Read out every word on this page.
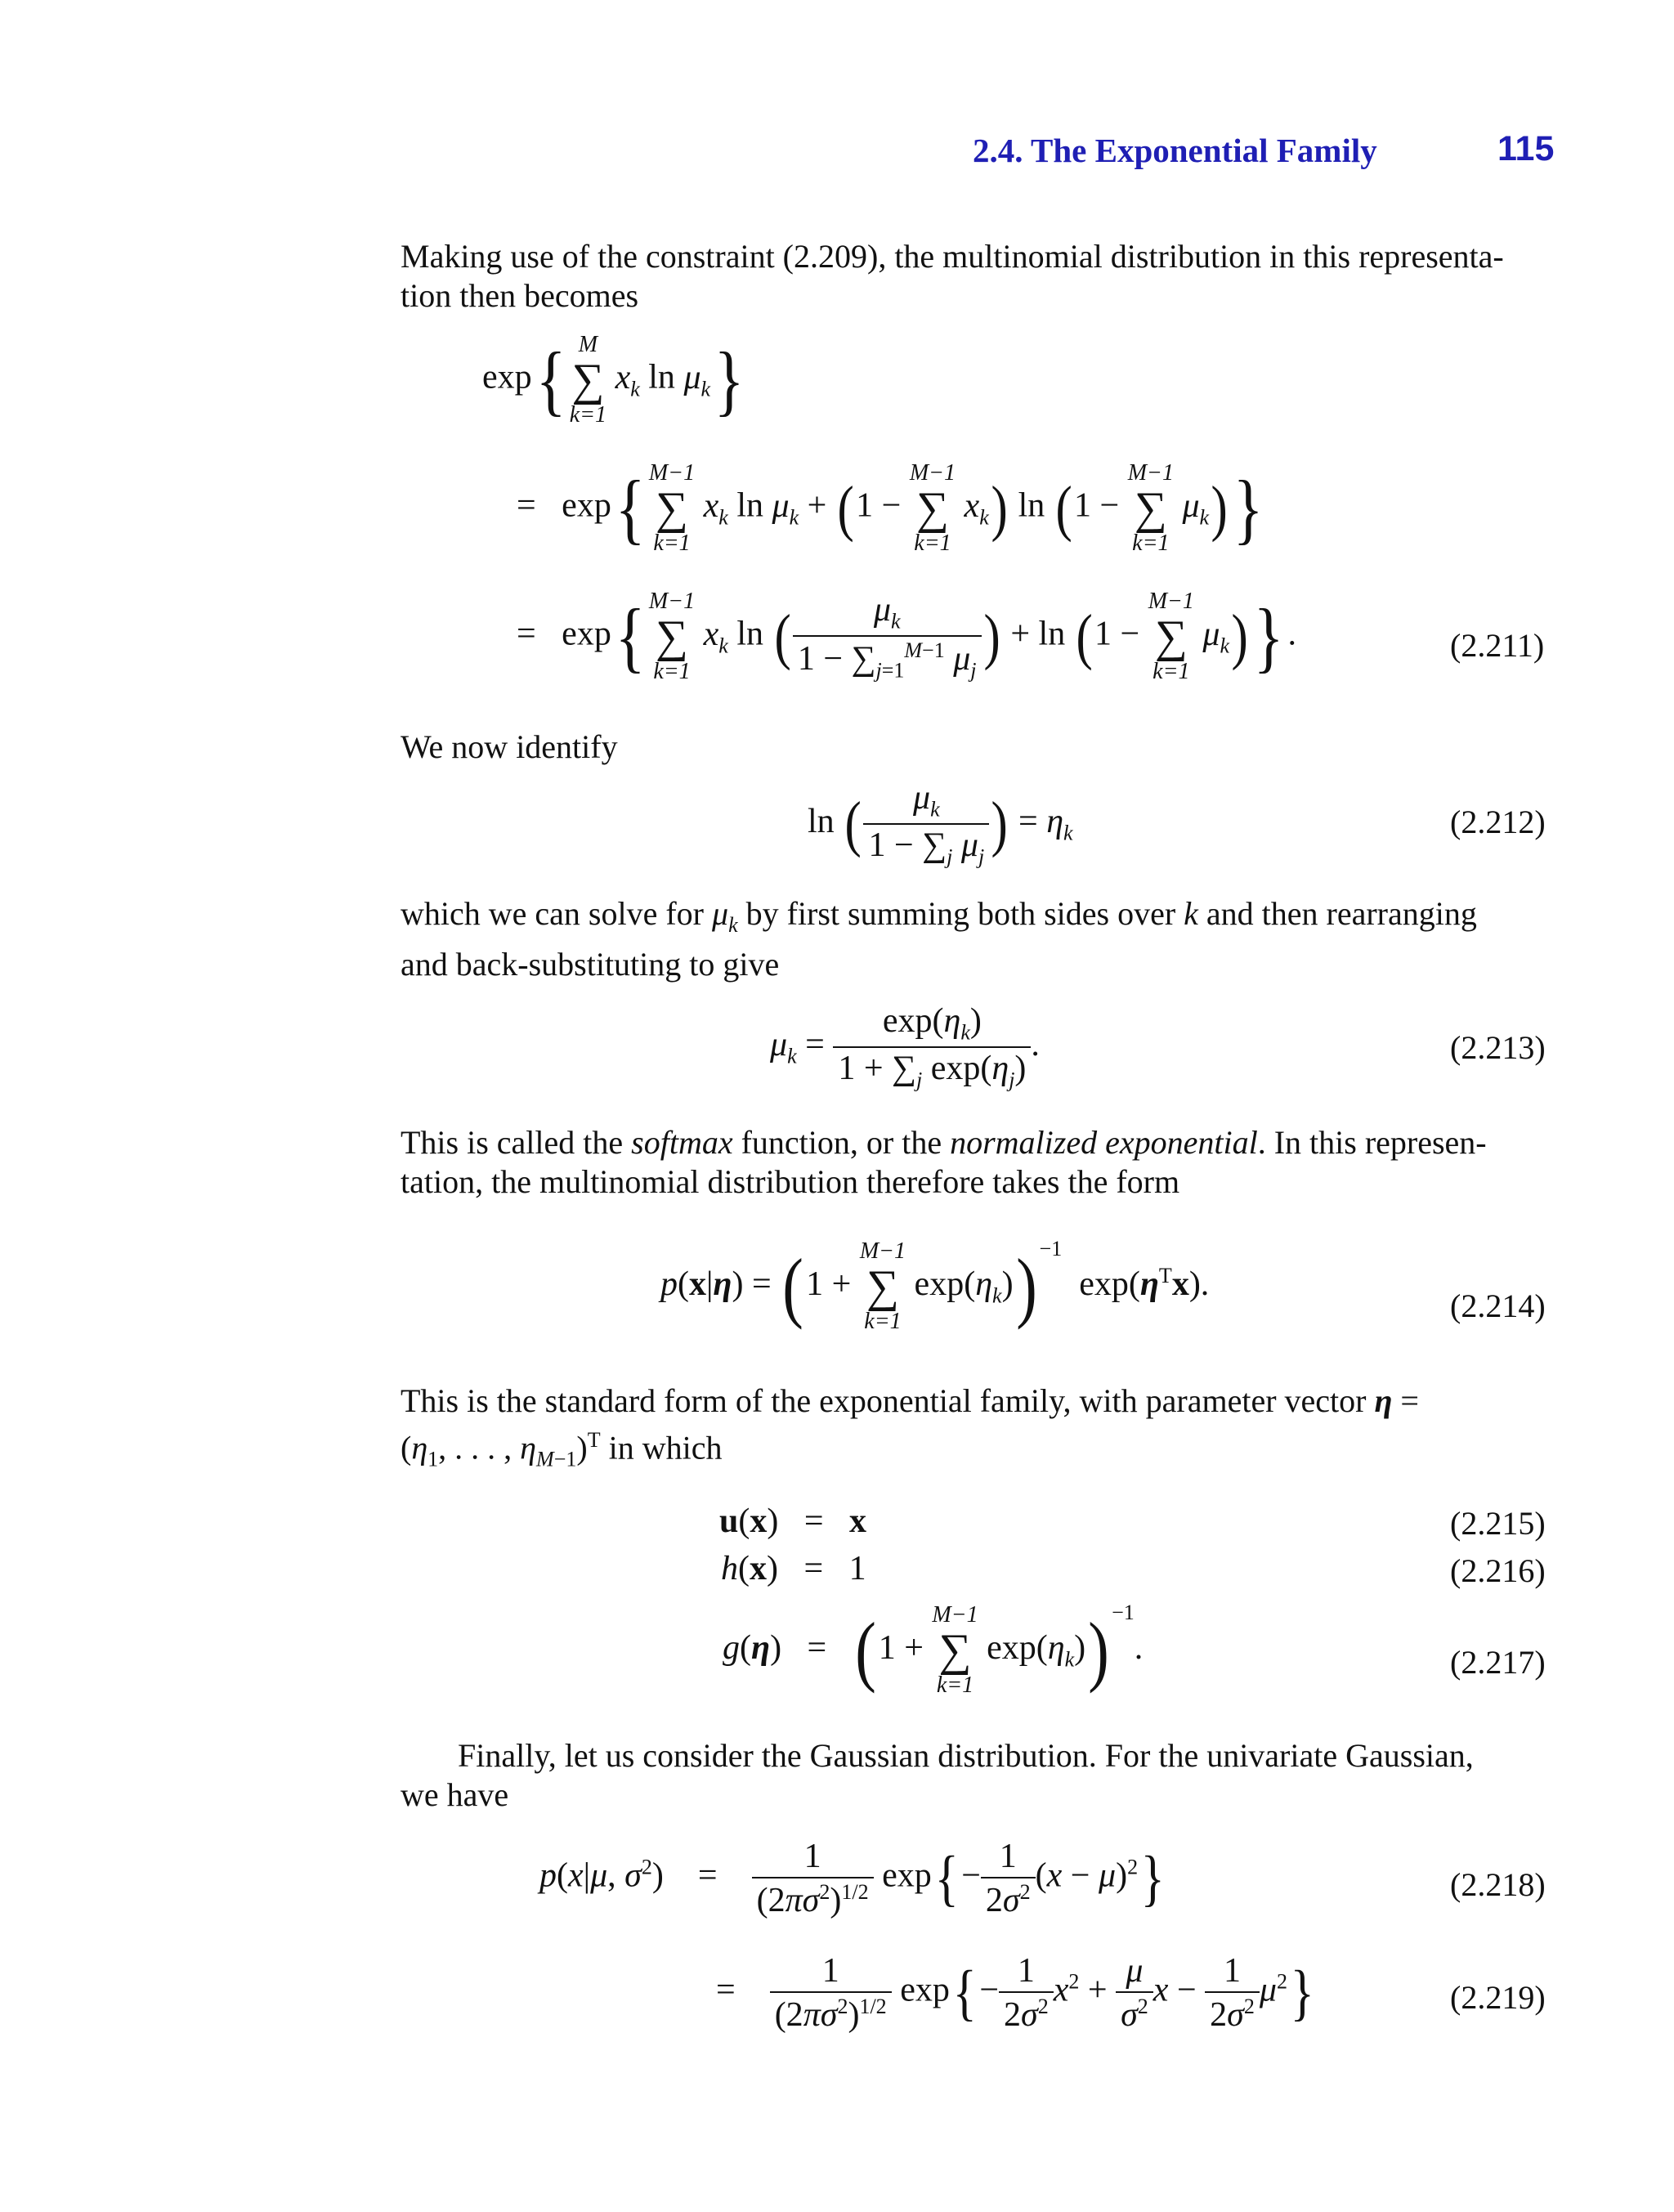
2.4. The Exponential Family	115
Making use of the constraint (2.209), the multinomial distribution in this representa-
tion then becomes
exp{ M
∑
k=1
$x_k$ $\ln \mu_k$}
=   exp{ M−1
∑
k=1
$x_k$ $\ln \mu_k + (1$ −
M−1
∑
k=1
$x_k$) ln (1 −
M−1
∑
k=1
$\mu_k$)}
=   exp{ M−1
∑
k=1
$x_k$ ln ( $\frac{\mu_k}{1 - \sum_{j=1}^{M-1} \mu_j}$ ) + ln (1 −
M−1
∑
k=1
$\mu_k$)} .	(2.211)
We now identify
ln ( $\frac{\mu_k}{1 - \sum_j \mu_j}$ ) = $\eta_k$	(2.212)
which we can solve for $\mu_k$ by first summing both sides over k and then rearranging
and back-substituting to give
$\mu_k = \frac{\exp(\eta_k)}{1 + \sum_j \exp(\eta_j)}$ .	(2.213)
This is called the softmax function, or the normalized exponential. In this represen-
tation, the multinomial distribution therefore takes the form
p(x|η) = (1 +
M−1
∑
k=1
$\exp(\eta_k)$) $^{-1}$  $\exp(\eta^Tx)$.
(2.214)
This is the standard form of the exponential family, with parameter vector η =
($\eta_1$, . . . , $\eta_{M-1})^T$ in which
u(x)   =   x	(2.215)
h(x)   =   1	(2.216)
g(η)   =   (1 +
M−1
∑
k=1
$\exp(\eta_k)$) $^{-1}$.	(2.217)
Finally, let us consider the Gaussian distribution. For the univariate Gaussian,
we have
p(x|μ, $\sigma^2$)    = $\frac{1}{(2\pi\sigma^2)^{1/2}} \exp\{- \frac{1}{2\sigma^2} (x - \mu)^2\}$	(2.218)
= $\frac{1}{(2\pi\sigma^2)^{1/2}} \exp\{- \frac{1}{2\sigma^2} x^2 + \frac{\mu}{\sigma^2}$ $x - \frac{1}{2\sigma^2} \mu^2$}	(2.219)
